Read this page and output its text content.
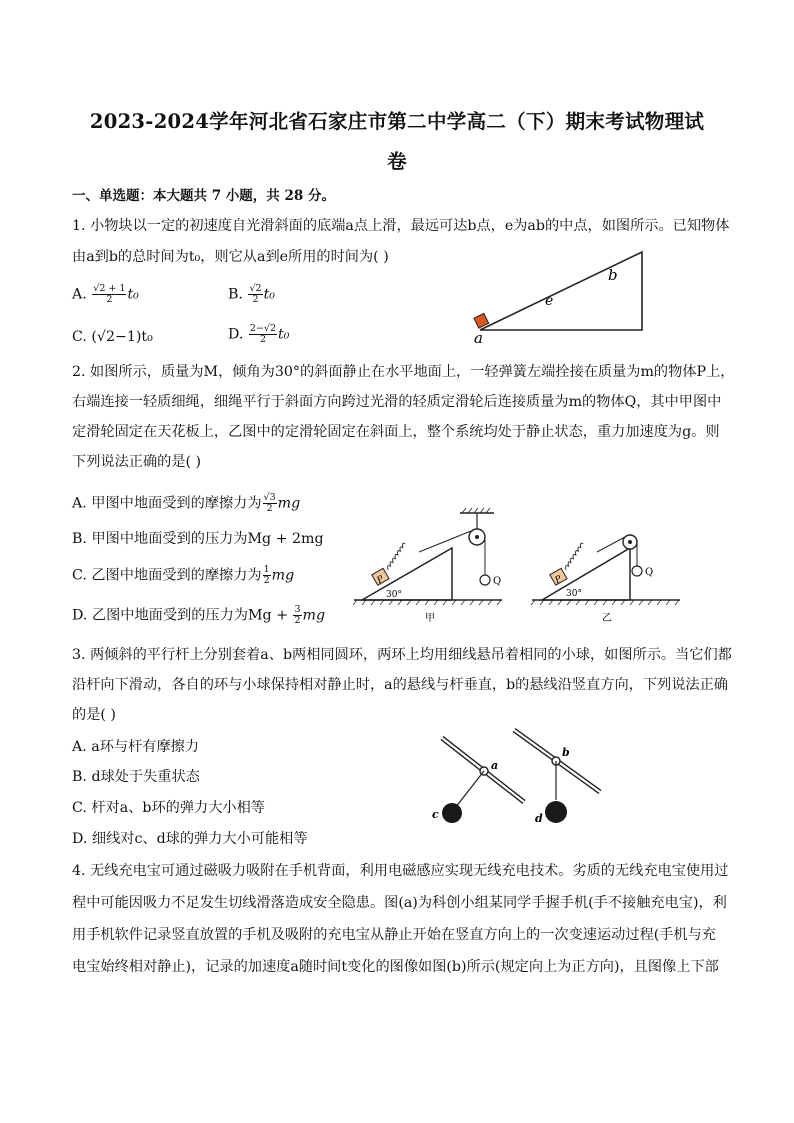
2023-2024学年河北省石家庄市第二中学高二（下）期末考试物理试
卷
一、单选题：本大题共 7 小题，共 28 分。
1. 小物块以一定的初速度自光滑斜面的底端a点上滑，最远可达b点，e为ab的中点，如图所示。已知物体
由a到b的总时间为t₀，则它从a到e所用的时间为( )
A. $\frac{√2 + 1}{2} t_0$	B. $\frac{√2}{2} t_0$
C. (√2−1)t₀	D. $\frac{2-√2}{2} t_0$	a
e
b
2. 如图所示，质量为M，倾角为30°的斜面静止在水平地面上，一轻弹簧左端拴接在质量为m的物体P上，
右端连接一轻质细绳，细绳平行于斜面方向跨过光滑的轻质定滑轮后连接质量为m的物体Q，其中甲图中
定滑轮固定在天花板上，乙图中的定滑轮固定在斜面上，整个系统均处于静止状态，重力加速度为g。则
下列说法正确的是( )
A. 甲图中地面受到的摩擦力为 $\frac{√3}{2}$ mg
B. 甲图中地面受到的压力为Mg + 2mg
C. 乙图中地面受到的摩擦力为 $\frac{1}{2}$ mg
D. 乙图中地面受到的压力为$Mg + \frac{3}{2}$ mg
P	Q
30°
甲
P
Q
30°
乙
3. 两倾斜的平行杆上分别套着a、b两相同圆环，两环上均用细线悬吊着相同的小球，如图所示。当它们都
沿杆向下滑动，各自的环与小球保持相对静止时，a的悬线与杆垂直，b的悬线沿竖直方向，下列说法正确
的是( )
A. a环与杆有摩擦力
B. d球处于失重状态
C. 杆对a、b环的弹力大小相等
D. 细线对c、d球的弹力大小可能相等
a
b
c	d
4. 无线充电宝可通过磁吸力吸附在手机背面，利用电磁感应实现无线充电技术。劣质的无线充电宝使用过
程中可能因吸力不足发生切线滑落造成安全隐患。图(a)为科创小组某同学手握手机(手不接触充电宝)，利
用手机软件记录竖直放置的手机及吸附的充电宝从静止开始在竖直方向上的一次变速运动过程(手机与充
电宝始终相对静止)，记录的加速度a随时间t变化的图像如图(b)所示(规定向上为正方向)，且图像上下部
